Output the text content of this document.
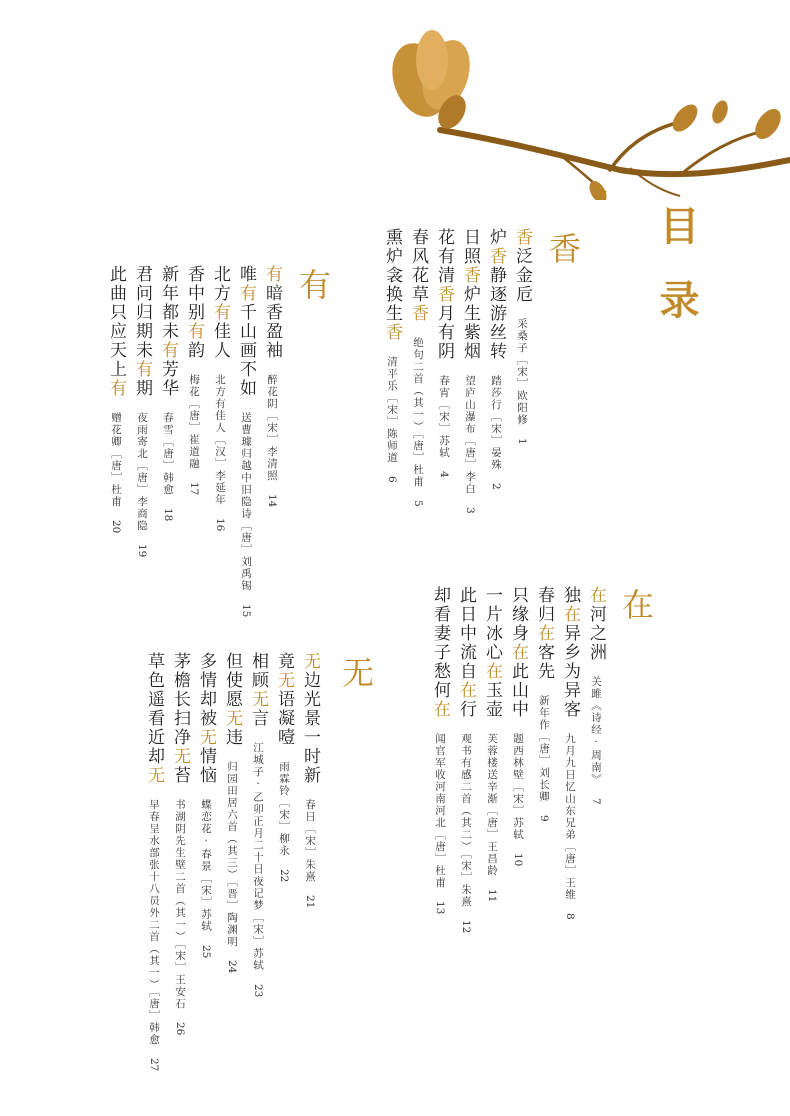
目录
香
香泛金卮采桑子［宋］欧阳修1
炉香静逐游丝转踏莎行［宋］晏殊2
日照香炉生紫烟望庐山瀑布［唐］李白3
花有清香月有阴春宵［宋］苏轼4
春风花草香绝句二首（其一）［唐］杜甫5
熏炉衾换生香清平乐［宋］陈师道6
有
有暗香盈袖醉花阴［宋］李清照14
唯有千山画不如送曹璩归越中旧隐诗［唐］刘禹锡15
北方有佳人北方有佳人［汉］李延年16
香中别有韵梅花［唐］崔道融17
新年都未有芳华春雪［唐］韩愈18
君问归期未有期夜雨寄北［唐］李商隐19
此曲只应天上有赠花卿［唐］杜甫20
在
在河之洲关雎《诗经·周南》7
独在异乡为异客九月九日忆山东兄弟［唐］王维8
春归在客先新年作［唐］刘长卿9
只缘身在此山中题西林壁［宋］苏轼10
一片冰心在玉壶芙蓉楼送辛渐［唐］王昌龄11
此日中流自在行观书有感二首（其二）［宋］朱熹12
却看妻子愁何在闻官军收河南河北［唐］杜甫13
无
无边光景一时新春日［宋］朱熹21
竟无语凝噎雨霖铃［宋］柳永22
相顾无言江城子·乙卯正月二十日夜记梦［宋］苏轼23
但使愿无违归园田居六首（其三）［晋］陶渊明24
多情却被无情恼蝶恋花·春景［宋］苏轼25
茅檐长扫净无苔书湖阴先生壁二首（其一）［宋］王安石26
草色遥看近却无早春呈水部张十八员外二首（其一）［唐］韩愈27
